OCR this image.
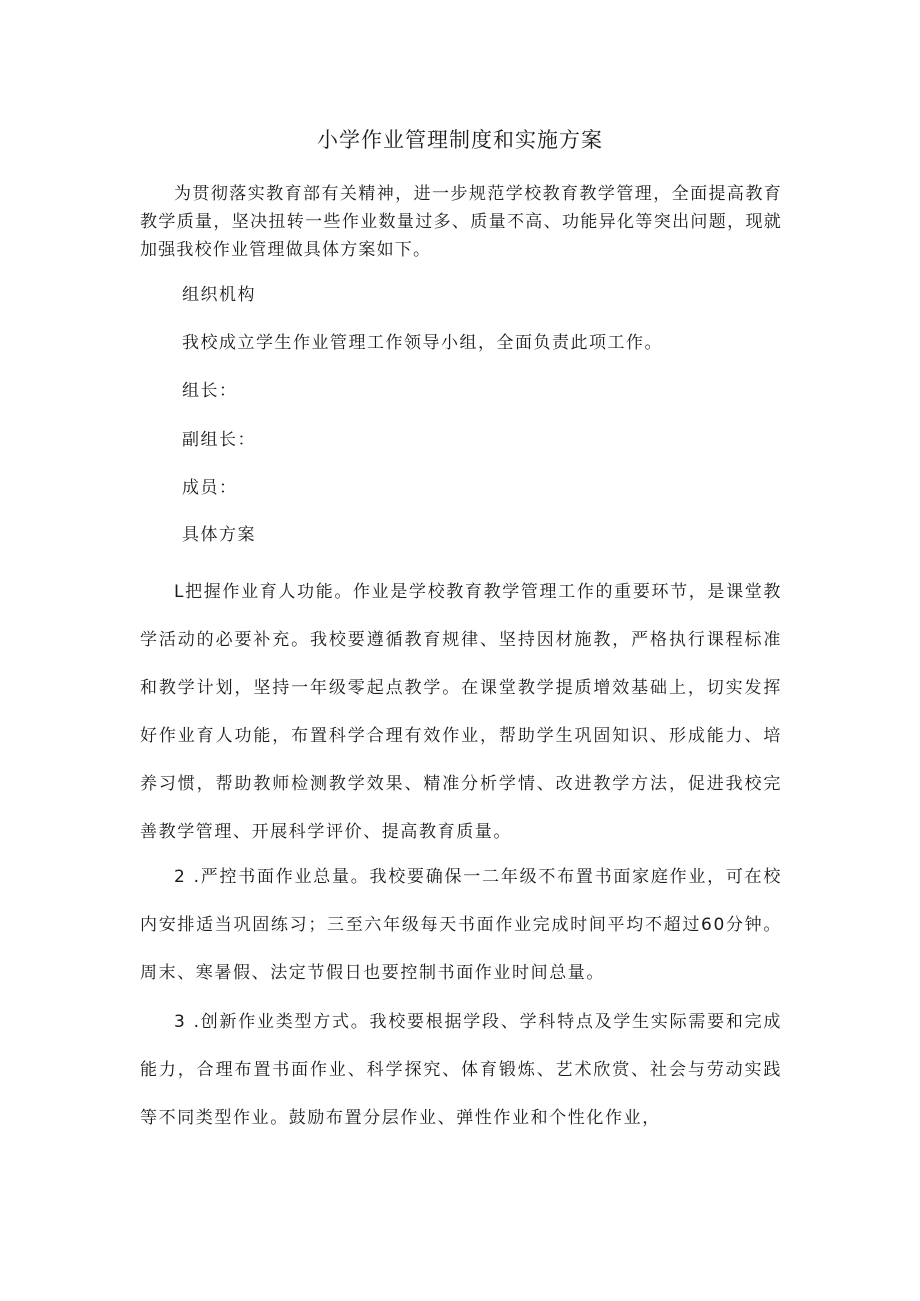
小学作业管理制度和实施方案

为贯彻落实教育部有关精神，进一步规范学校教育教学管理，全面提高教育教学质量，坚决扭转一些作业数量过多、质量不高、功能异化等突出问题，现就加强我校作业管理做具体方案如下。

组织机构

我校成立学生作业管理工作领导小组，全面负责此项工作。

组长：

副组长：

成员：

具体方案

L把握作业育人功能。作业是学校教育教学管理工作的重要环节，是课堂教学活动的必要补充。我校要遵循教育规律、坚持因材施教，严格执行课程标准和教学计划，坚持一年级零起点教学。在课堂教学提质增效基础上，切实发挥好作业育人功能，布置科学合理有效作业，帮助学生巩固知识、形成能力、培养习惯，帮助教师检测教学效果、精准分析学情、改进教学方法，促进我校完善教学管理、开展科学评价、提高教育质量。

2 .严控书面作业总量。我校要确保一二年级不布置书面家庭作业，可在校内安排适当巩固练习；三至六年级每天书面作业完成时间平均不超过60分钟。周末、寒暑假、法定节假日也要控制书面作业时间总量。

3 .创新作业类型方式。我校要根据学段、学科特点及学生实际需要和完成能力，合理布置书面作业、科学探究、体育锻炼、艺术欣赏、社会与劳动实践等不同类型作业。鼓励布置分层作业、弹性作业和个性化作业，
